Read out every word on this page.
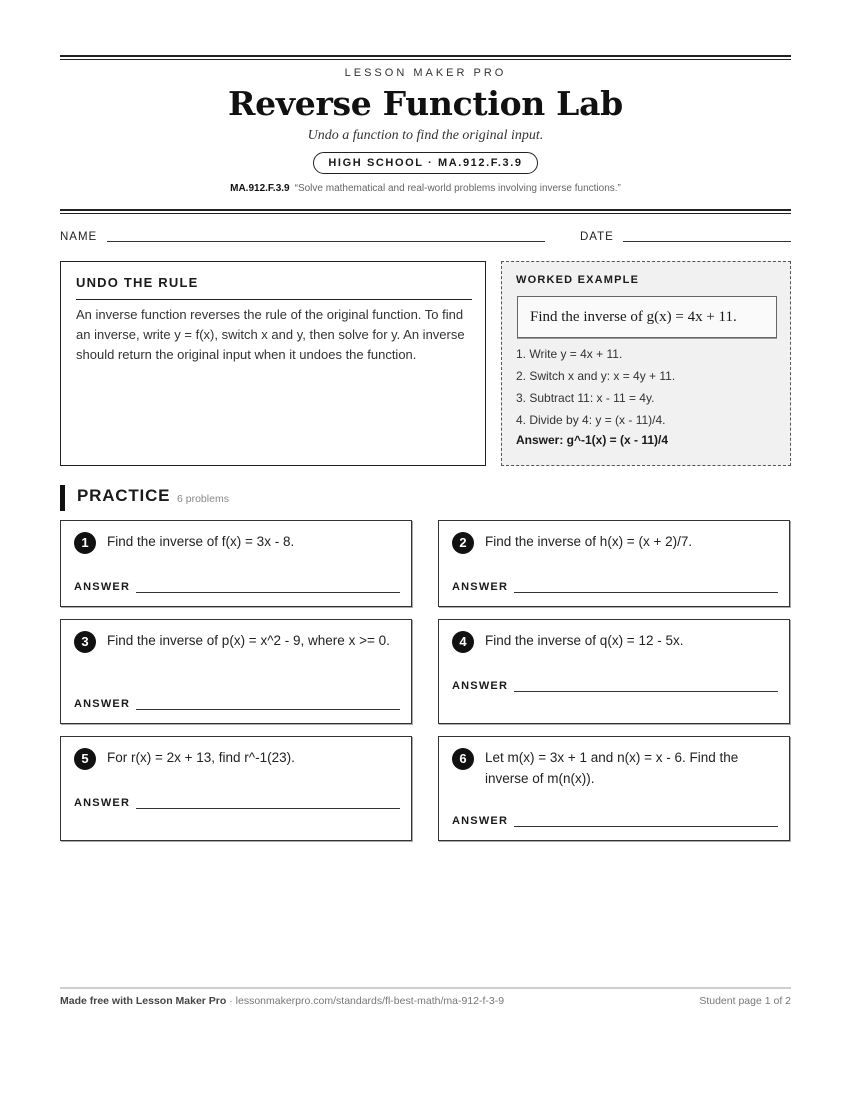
LESSON MAKER PRO
Reverse Function Lab
Undo a function to find the original input.
HIGH SCHOOL · MA.912.F.3.9
MA.912.F.3.9 “Solve mathematical and real-world problems involving inverse functions.”
NAME	DATE
UNDO THE RULE

An inverse function reverses the rule of the original function. To find an inverse, write y = f(x), switch x and y, then solve for y. An inverse should return the original input when it undoes the function.

WORKED EXAMPLE
Find the inverse of g(x) = 4x + 11.
1. Write y = 4x + 11.
2. Switch x and y: x = 4y + 11.
3. Subtract 11: x - 11 = 4y.
4. Divide by 4: y = (x - 11)/4.
Answer: g^-1(x) = (x - 11)/4
PRACTICE 6 problems
1	Find the inverse of f(x) = 3x - 8.
ANSWER
2	Find the inverse of h(x) = (x + 2)/7.
ANSWER
3	Find the inverse of p(x) = x^2 - 9, where x >= 0.
ANSWER
4	Find the inverse of q(x) = 12 - 5x.
ANSWER
5	For r(x) = 2x + 13, find r^-1(23).
ANSWER
6	Let m(x) = 3x + 1 and n(x) = x - 6. Find the inverse of m(n(x)).
ANSWER
Made free with Lesson Maker Pro · lessonmakerpro.com/standards/fl-best-math/ma-912-f-3-9	Student page 1 of 2
